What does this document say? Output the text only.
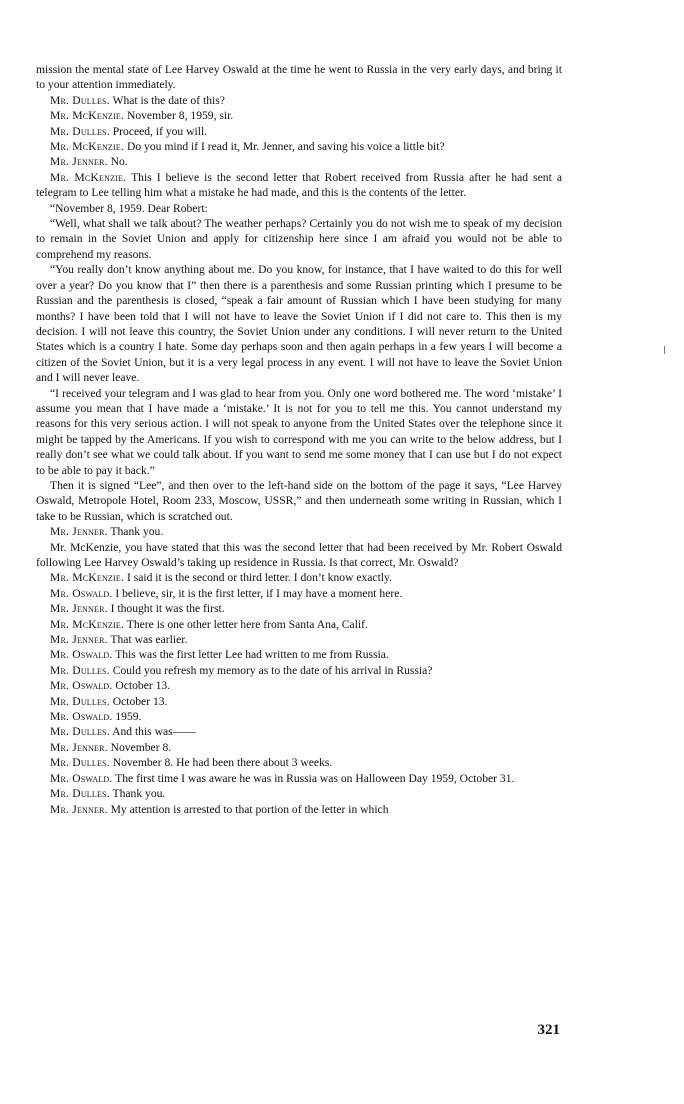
mission the mental state of Lee Harvey Oswald at the time he went to Russia in the very early days, and bring it to your attention immediately.

Mr. Dulles. What is the date of this?

Mr. McKenzie. November 8, 1959, sir.

Mr. Dulles. Proceed, if you will.

Mr. McKenzie. Do you mind if I read it, Mr. Jenner, and saving his voice a little bit?

Mr. Jenner. No.

Mr. McKenzie. This I believe is the second letter that Robert received from Russia after he had sent a telegram to Lee telling him what a mistake he had made, and this is the contents of the letter.

“November 8, 1959. Dear Robert:

“Well, what shall we talk about? The weather perhaps? Certainly you do not wish me to speak of my decision to remain in the Soviet Union and apply for citizenship here since I am afraid you would not be able to comprehend my reasons.

“You really don’t know anything about me. Do you know, for instance, that I have waited to do this for well over a year? Do you know that I” then there is a parenthesis and some Russian printing which I presume to be Russian and the parenthesis is closed, “speak a fair amount of Russian which I have been studying for many months? I have been told that I will not have to leave the Soviet Union if I did not care to. This then is my decision. I will not leave this country, the Soviet Union under any conditions. I will never return to the United States which is a country I hate. Some day perhaps soon and then again perhaps in a few years I will become a citizen of the Soviet Union, but it is a very legal process in any event. I will not have to leave the Soviet Union and I will never leave.

“I received your telegram and I was glad to hear from you. Only one word bothered me. The word ‘mistake’ I assume you mean that I have made a ‘mistake.’ It is not for you to tell me this. You cannot understand my reasons for this very serious action. I will not speak to anyone from the United States over the telephone since it might be tapped by the Americans. If you wish to correspond with me you can write to the below address, but I really don’t see what we could talk about. If you want to send me some money that I can use but I do not expect to be able to pay it back.”

Then it is signed “Lee”, and then over to the left-hand side on the bottom of the page it says, “Lee Harvey Oswald, Metropole Hotel, Room 233, Moscow, USSR,” and then underneath some writing in Russian, which I take to be Russian, which is scratched out.

Mr. Jenner. Thank you.

Mr. McKenzie, you have stated that this was the second letter that had been received by Mr. Robert Oswald following Lee Harvey Oswald’s taking up residence in Russia. Is that correct, Mr. Oswald?

Mr. McKenzie. I said it is the second or third letter. I don’t know exactly.

Mr. Oswald. I believe, sir, it is the first letter, if I may have a moment here.

Mr. Jenner. I thought it was the first.

Mr. McKenzie. There is one other letter here from Santa Ana, Calif.

Mr. Jenner. That was earlier.

Mr. Oswald. This was the first letter Lee had written to me from Russia.

Mr. Dulles. Could you refresh my memory as to the date of his arrival in Russia?

Mr. Oswald. October 13.

Mr. Dulles. October 13.

Mr. Oswald. 1959.

Mr. Dulles. And this was——

Mr. Jenner. November 8.

Mr. Dulles. November 8. He had been there about 3 weeks.

Mr. Oswald. The first time I was aware he was in Russia was on Halloween Day 1959, October 31.

Mr. Dulles. Thank you.

Mr. Jenner. My attention is arrested to that portion of the letter in which

321
